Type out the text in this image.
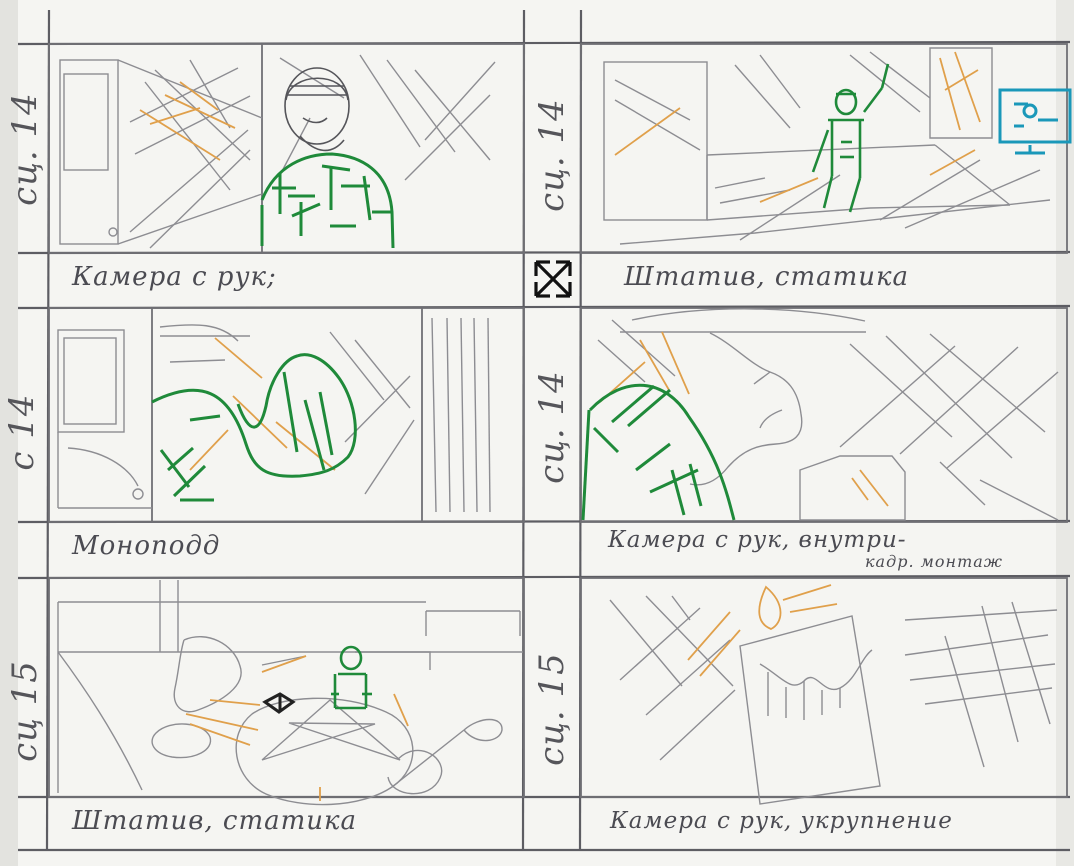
cц. 14	cц. 14
с 14	cц. 14
cц 15	cц. 15
Камера с рук;	Штатив, статика
Моноподд	Камера с рук, внутри-
кадр. монтаж
Штатив, статика	Камера с рук, укрупнение
